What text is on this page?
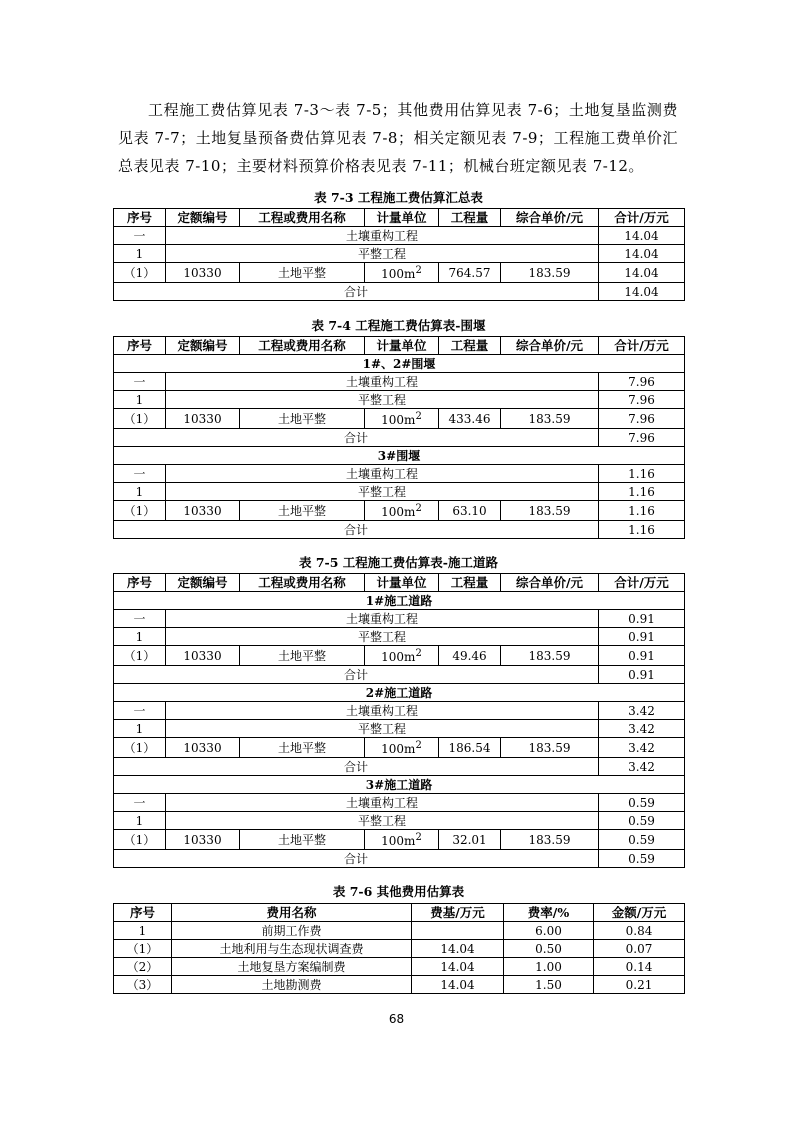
工程施工费估算见表 7-3～表 7-5；其他费用估算见表 7-6；土地复垦监测费见表 7-7；土地复垦预备费估算见表 7-8；相关定额见表 7-9；工程施工费单价汇总表见表 7-10；主要材料预算价格表见表 7-11；机械台班定额见表 7-12。

表 7-3 工程施工费估算汇总表
序号	定额编号	工程或费用名称	计量单位	工程量	综合单价/元	合计/万元
一	土壤重构工程					14.04
1	平整工程					14.04
（1）	10330	土地平整	$100m^2$	764.57	183.59	14.04
合计						14.04
表 7-4 工程施工费估算表-围堰
序号	定额编号	工程或费用名称	计量单位	工程量	综合单价/元	合计/万元
1#、2#围堰						
一	土壤重构工程					7.96
1	平整工程					7.96
（1）	10330	土地平整	$100m^2$	433.46	183.59	7.96
合计						7.96
3#围堰						
一	土壤重构工程					1.16
1	平整工程					1.16
（1）	10330	土地平整	$100m^2$	63.10	183.59	1.16
合计						1.16
表 7-5 工程施工费估算表-施工道路
序号	定额编号	工程或费用名称	计量单位	工程量	综合单价/元	合计/万元
1#施工道路						
一	土壤重构工程					0.91
1	平整工程					0.91
（1）	10330	土地平整	$100m^2$	49.46	183.59	0.91
合计						0.91
2#施工道路						
一	土壤重构工程					3.42
1	平整工程					3.42
（1）	10330	土地平整	$100m^2$	186.54	183.59	3.42
合计						3.42
3#施工道路						
一	土壤重构工程					0.59
1	平整工程					0.59
（1）	10330	土地平整	$100m^2$	32.01	183.59	0.59
合计						0.59
表 7-6 其他费用估算表
序号	费用名称	费基/万元	费率/%	金额/万元
1	前期工作费		6.00	0.84
（1）	土地利用与生态现状调查费	14.04	0.50	0.07
（2）	土地复垦方案编制费	14.04	1.00	0.14
（3）	土地勘测费	14.04	1.50	0.21
68
